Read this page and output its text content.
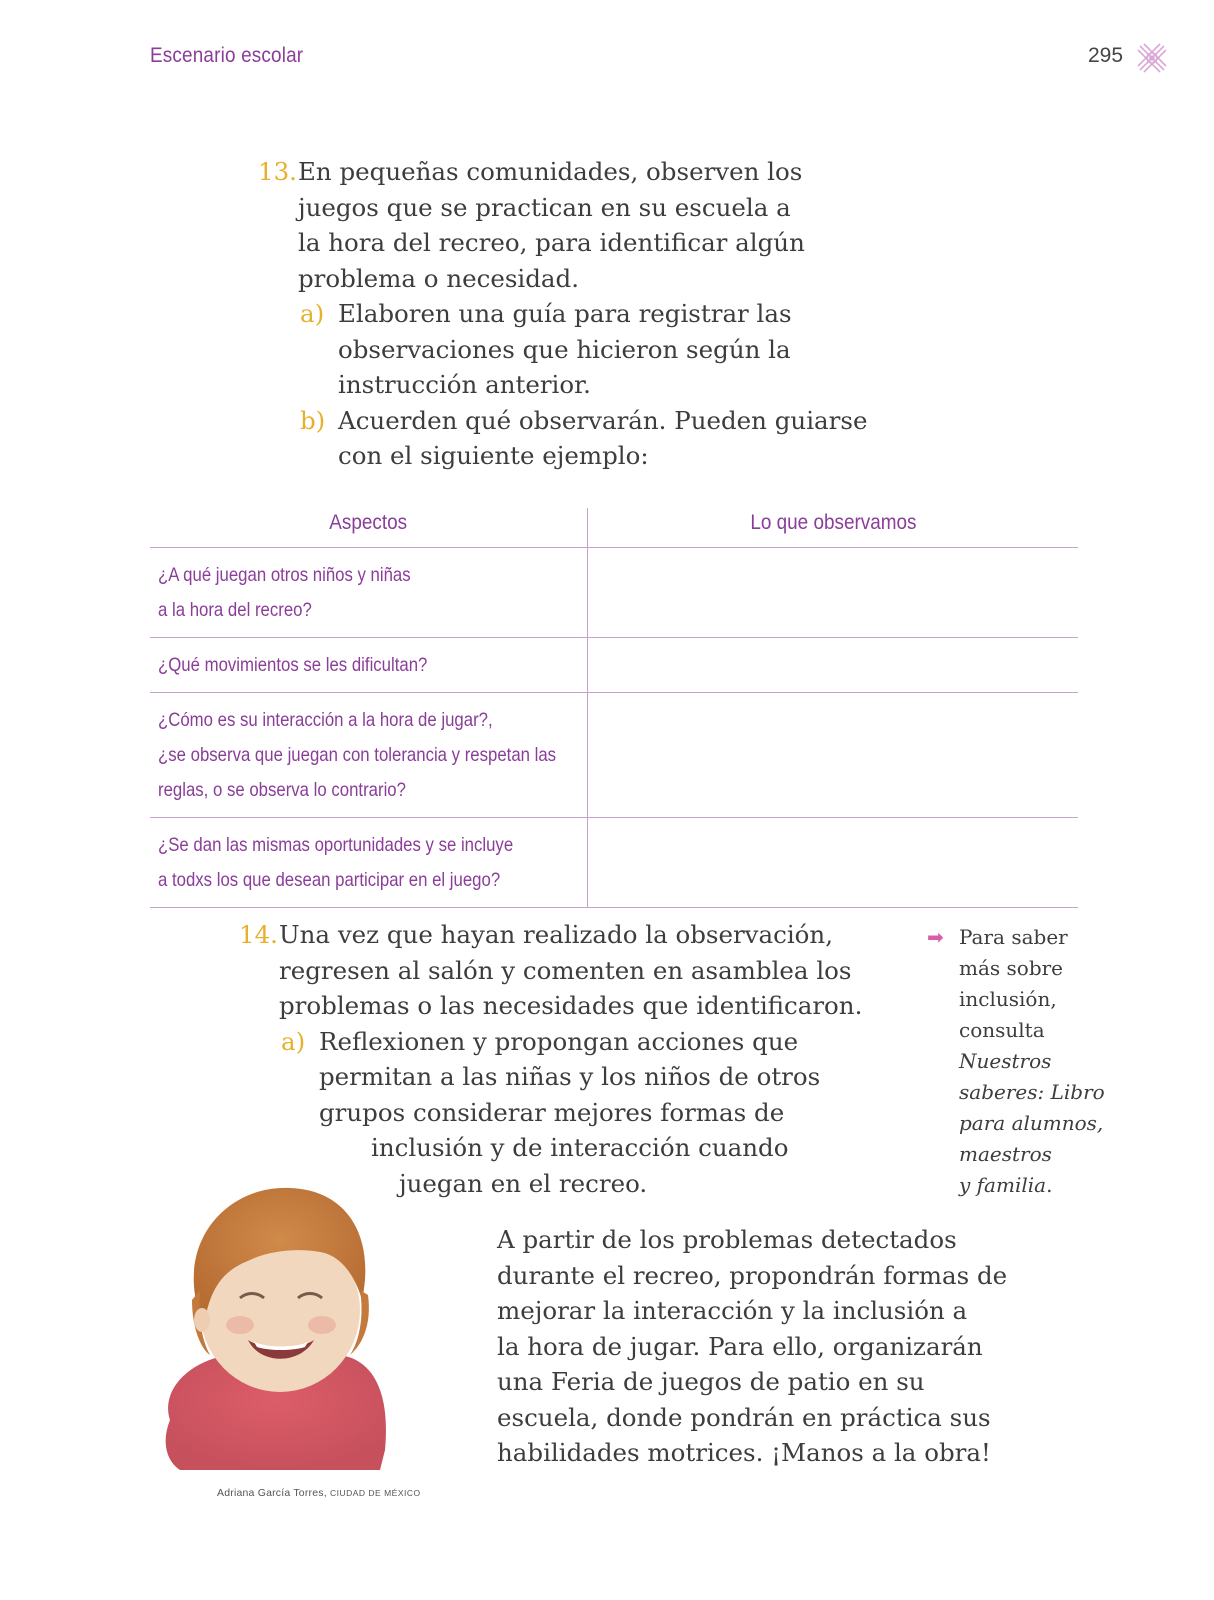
Escenario escolar	295
13. En pequeñas comunidades, observen los
juegos que se practican en su escuela a
la hora del recreo, para identificar algún
problema o necesidad.

a) Elaboren una guía para registrar las
observaciones que hicieron según la
instrucción anterior.
b) Acuerden qué observarán. Pueden guiarse
con el siguiente ejemplo:
Aspectos	Lo que observamos
¿A qué juegan otros niños y niñas
a la hora del recreo?
¿Qué movimientos se les dificultan?
¿Cómo es su interacción a la hora de jugar?,
¿se observa que juegan con tolerancia y respetan las
reglas, o se observa lo contrario?
¿Se dan las mismas oportunidades y se incluye
a todxs los que desean participar en el juego?
14. Una vez que hayan realizado la observación,
regresen al salón y comenten en asamblea los
problemas o las necesidades que identificaron.

a) Reflexionen y propongan acciones que
permitan a las niñas y los niños de otros
grupos considerar mejores formas de
inclusión y de interacción cuando
juegan en el recreo.
➡ Para saber
más sobre
inclusión,
consulta
Nuestros
saberes: Libro
para alumnos,
maestros
y familia.
Adriana García Torres, CIUDAD DE MÉXICO
A partir de los problemas detectados
durante el recreo, propondrán formas de
mejorar la interacción y la inclusión a
la hora de jugar. Para ello, organizarán
una Feria de juegos de patio en su
escuela, donde pondrán en práctica sus
habilidades motrices. ¡Manos a la obra!
